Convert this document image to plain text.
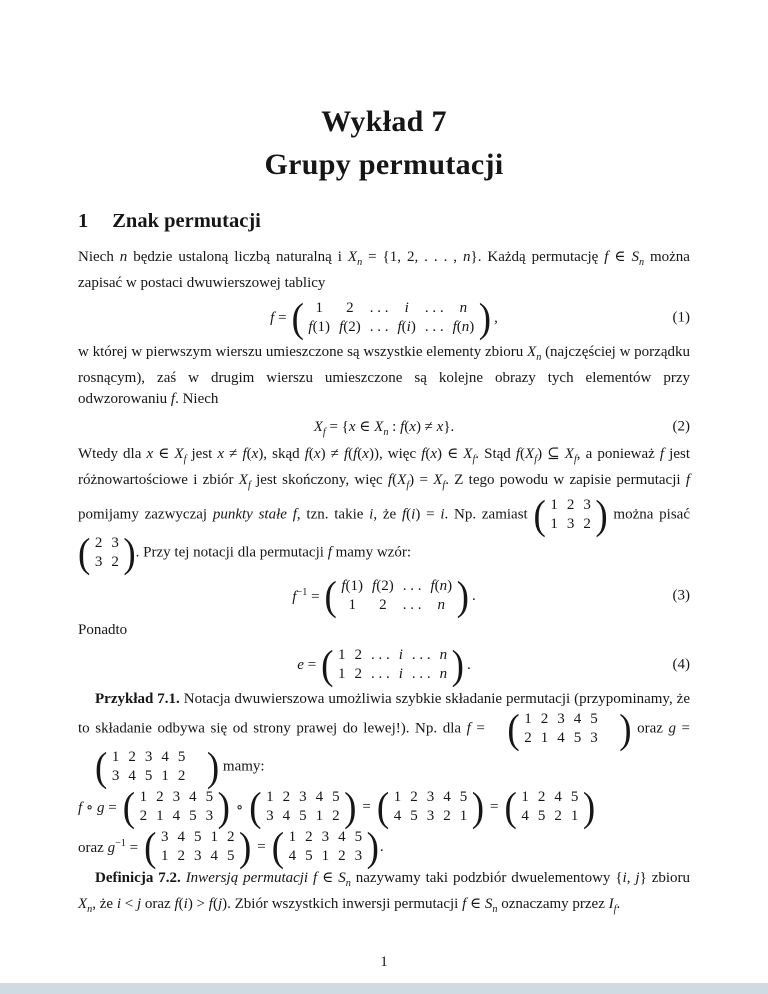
Wykład 7
Grupy permutacji
1 Znak permutacji

Niech n będzie ustaloną liczbą naturalną i $X_n = \{1$, 2, . . . , n}. Każdą permutację f ∈ $S_n$ można zapisać w postaci dwuwierszowej tablicy

f = ( 1	2	. . .	i	. . .	n
f(1)	f(2)	. . .	f(i)	. . .	f(n) ) ,	(1)

w której w pierwszym wierszu umieszczone są wszystkie elementy zbioru $X_n$ (najczęściej w porządku rosnącym), zaś w drugim wierszu umieszczone są kolejne obrazy tych elementów przy odwzorowaniu f. Niech

$X_f = \{x$ ∈ $X_n$ : f(x) ≠ x}.	(2)

Wtedy dla x ∈ $X_f$ jest x ≠ f(x), skąd f(x) ≠ f(f(x)), więc f(x) ∈ $X_f$. Stąd $f(X_f)$ ⊆ $X_f$, a ponieważ f jest różnowartościowe i zbiór $X_f$ jest skończony, więc $f(X_f) = X_f$. Z tego powodu w zapisie permutacji f pomijamy zazwyczaj punkty stałe f, tzn. takie i, że f(i) = i. Np. zamiast ( 1	2	3
1	3	2 ) można pisać
( 2	3
3	2 ) . Przy tej notacji dla permutacji f mamy wzór:

$f^{-1}$ = ( f(1)	f(2)	. . .	f(n)
1	2	. . .	n ) .	(3)

Ponadto

e = ( 1	2	. . .	i	. . .	n
1	2	. . .	i	. . .	n ) .	(4)

Przykład 7.1. Notacja dwuwierszowa umożliwia szybkie składanie permutacji (przypominamy, że to składanie odbywa się od strony prawej do lewej!). Np. dla f = ( 1	2	3	4	5
2	1	4	5	3 ) oraz g =
( 1	2	3	4	5
3	4	5	1	2 ) mamy:

f ∘ g = ( 1	2	3	4	5
2	1	4	5	3 ) ∘ ( 1	2	3	4	5
3	4	5	1	2 ) = ( 1	2	3	4	5
4	5	3	2	1 ) = ( 1	2	4	5
4	5	2	1 )
oraz $g^{-1}$ = ( 3	4	5	1	2
1	2	3	4	5 ) = ( 1	2	3	4	5
4	5	1	2	3 ) .

Definicja 7.2. Inwersją permutacji f ∈ $S_n$ nazywamy taki podzbiór dwuelementowy {i, j} zbioru $X_n$, że i < j oraz f(i) > f(j). Zbiór wszystkich inwersji permutacji f ∈ $S_n$ oznaczamy przez $I_f$.

1
